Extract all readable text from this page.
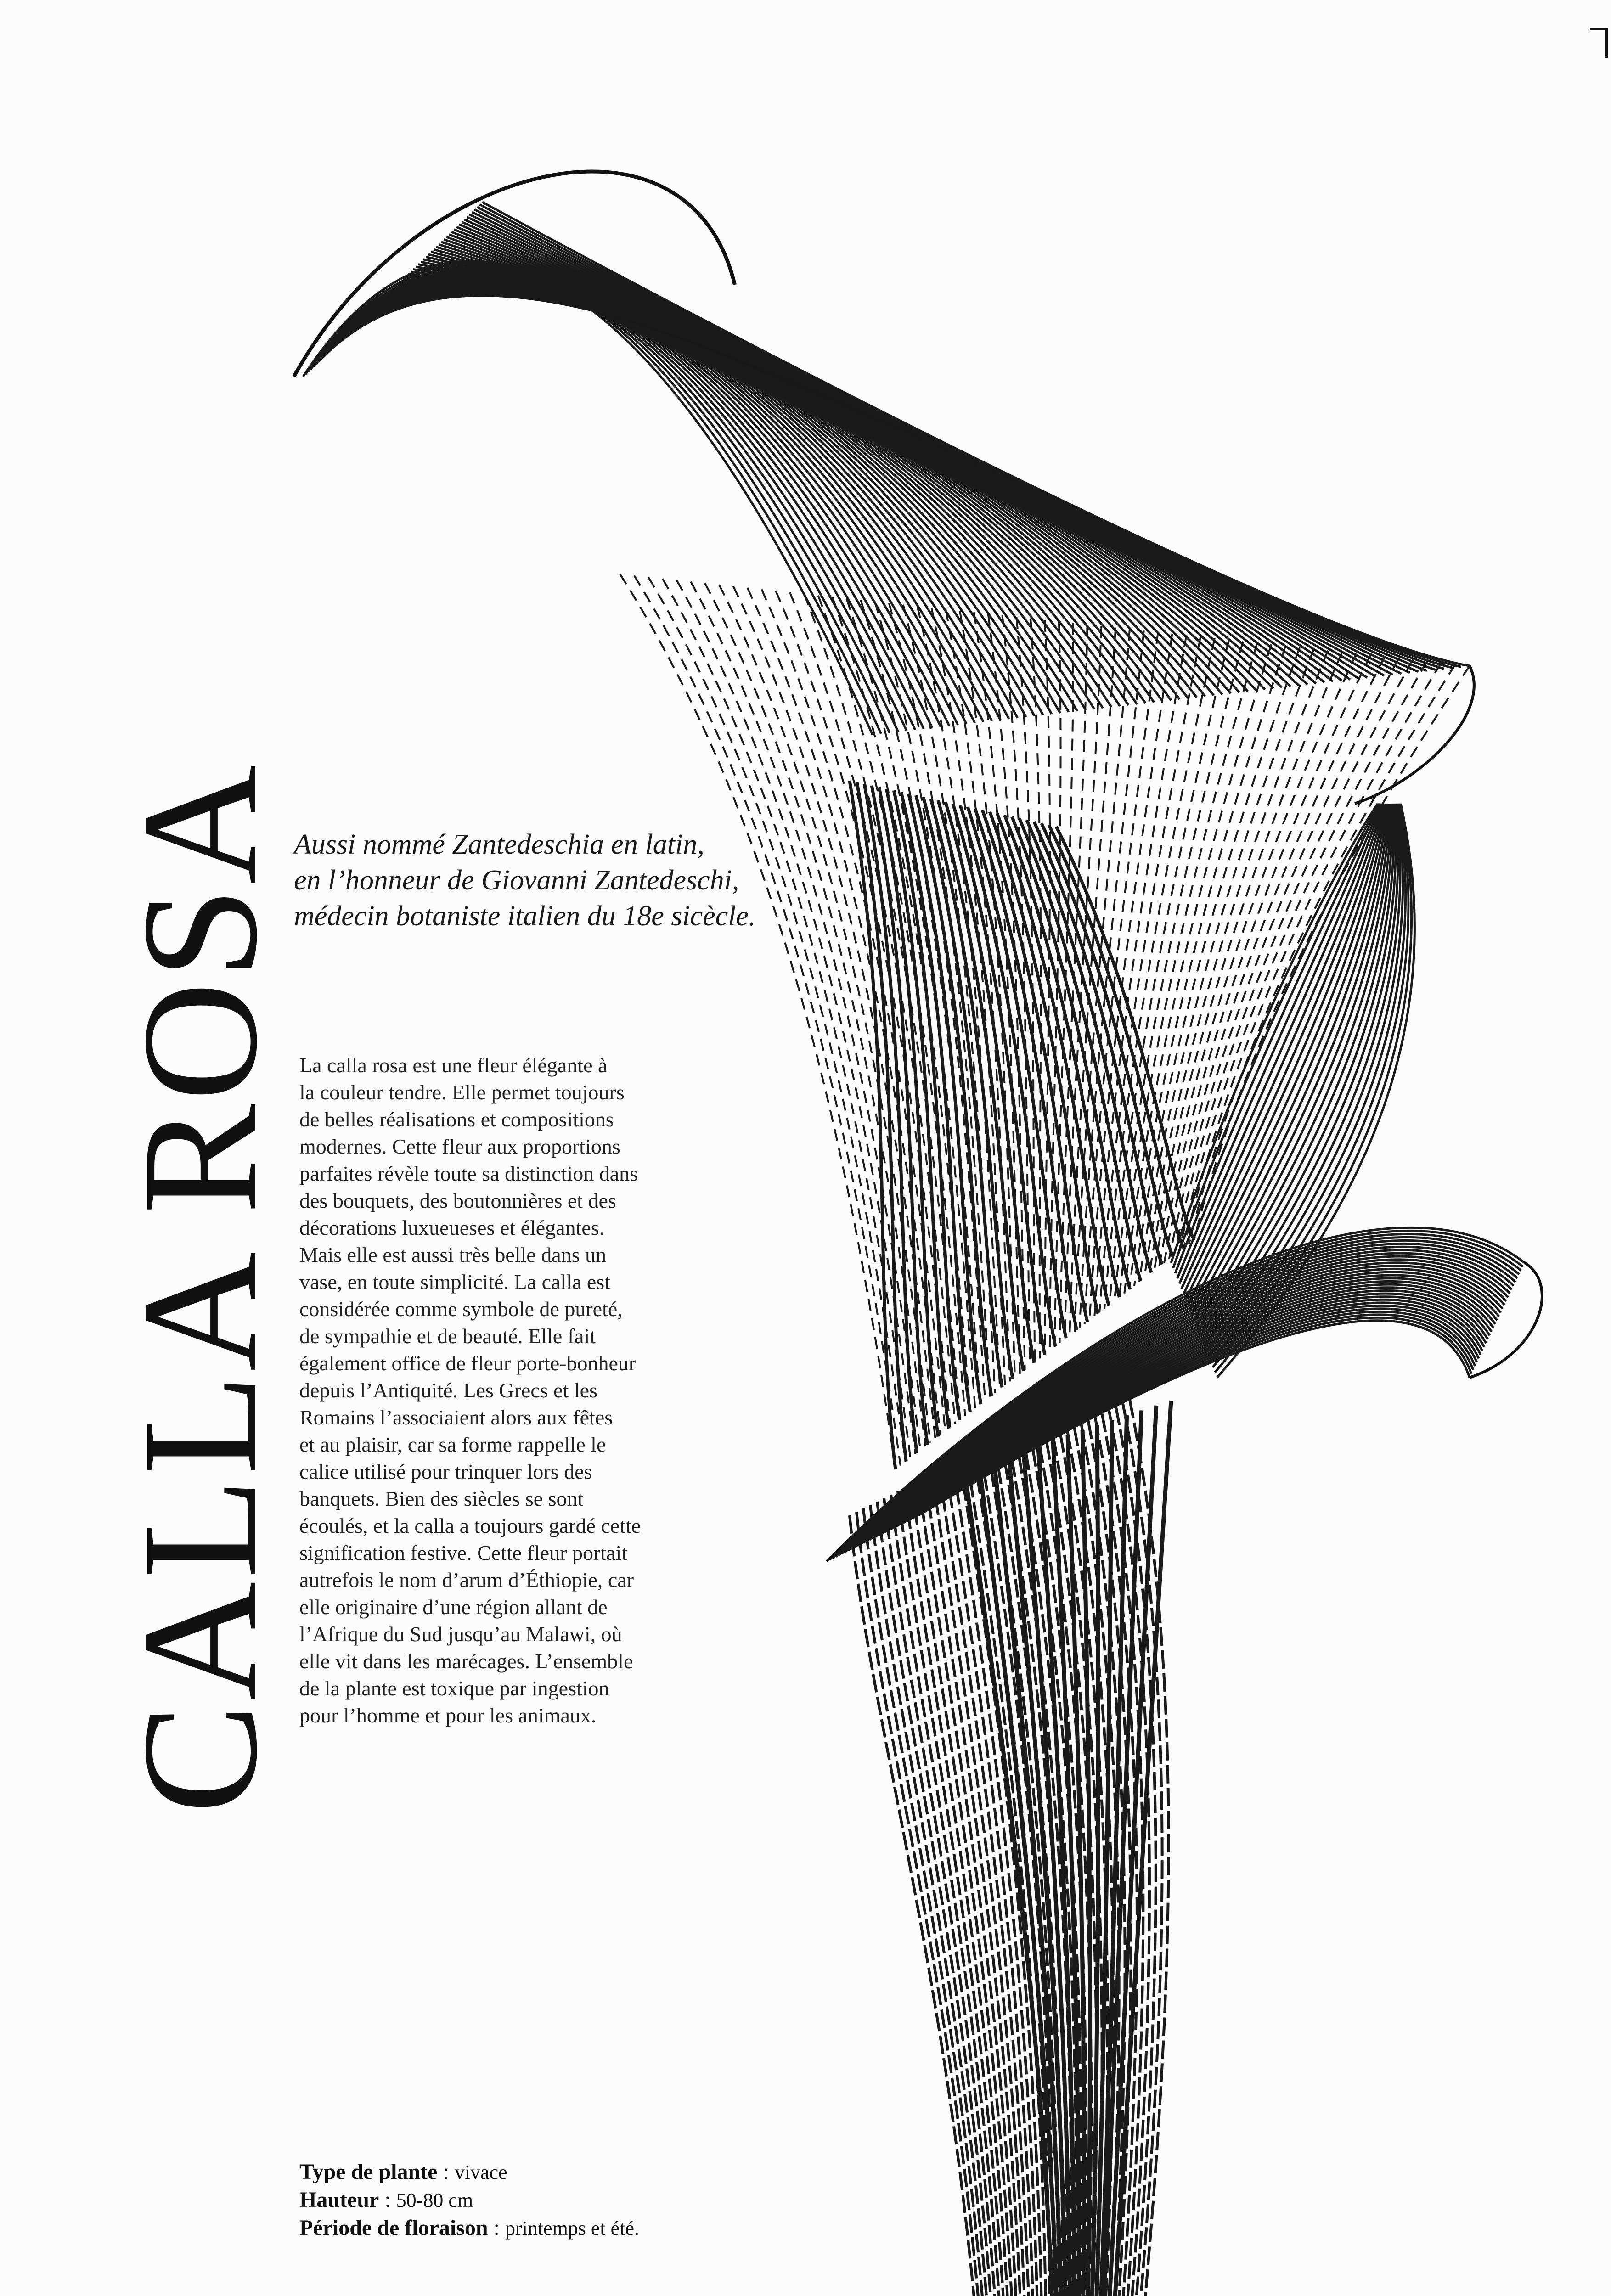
CALLA ROSA Aussi nommé Zantedeschia en latin,
en l’honneur de Giovanni Zantedeschi,
médecin botaniste italien du 18e sicècle.
La calla rosa est une fleur élégante à
la couleur tendre. Elle permet toujours
de belles réalisations et compositions
modernes. Cette fleur aux proportions
parfaites révèle toute sa distinction dans
des bouquets, des boutonnières et des
décorations luxueueses et élégantes.
Mais elle est aussi très belle dans un
vase, en toute simplicité. La calla est
considérée comme symbole de pureté,
de sympathie et de beauté. Elle fait
également office de fleur porte-bonheur
depuis l’Antiquité. Les Grecs et les
Romains l’associaient alors aux fêtes
et au plaisir, car sa forme rappelle le
calice utilisé pour trinquer lors des
banquets. Bien des siècles se sont
écoulés, et la calla a toujours gardé cette
signification festive. Cette fleur portait
autrefois le nom d’arum d’Éthiopie, car
elle originaire d’une région allant de
l’Afrique du Sud jusqu’au Malawi, où
elle vit dans les marécages. L’ensemble
de la plante est toxique par ingestion
pour l’homme et pour les animaux.
Type de plante : vivace
Hauteur : 50-80 cm
Période de floraison : printemps et été.
